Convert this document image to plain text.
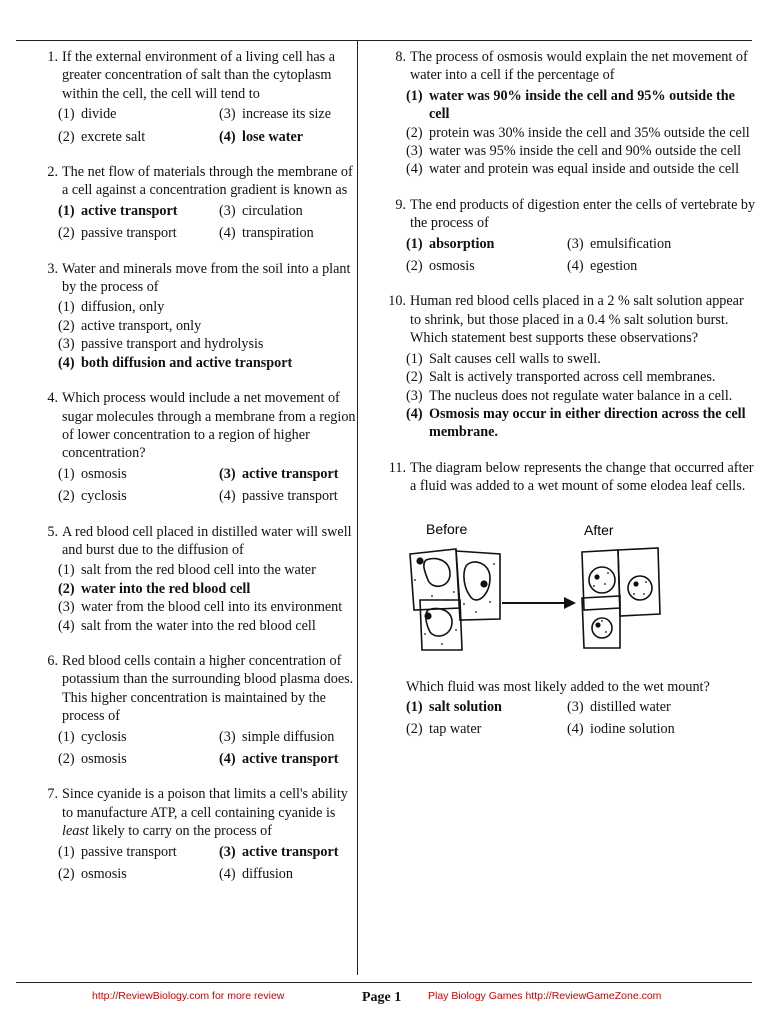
1. If the external environment of a living cell has a greater concentration of salt than the cytoplasm within the cell, the cell will tend to
(1) divide	(3) increase its size
(2) excrete salt	(4) lose water
2. The net flow of materials through the membrane of a cell against a concentration gradient is known as
(1) active transport	(3) circulation
(2) passive transport	(4) transpiration
3. Water and minerals move from the soil into a plant by the process of
(1) diffusion, only
(2) active transport, only
(3) passive transport and hydrolysis
(4) both diffusion and active transport
4. Which process would include a net movement of sugar molecules through a membrane from a region of lower concentration to a region of higher concentration?
(1) osmosis	(3) active transport
(2) cyclosis	(4) passive transport
5. A red blood cell placed in distilled water will swell and burst due to the diffusion of
(1) salt from the red blood cell into the water
(2) water into the red blood cell
(3) water from the blood cell into its environment
(4) salt from the water into the red blood cell
6. Red blood cells contain a higher concentration of potassium than the surrounding blood plasma does. This higher concentration is maintained by the process of
(1) cyclosis	(3) simple diffusion
(2) osmosis	(4) active transport
7. Since cyanide is a poison that limits a cell's ability to manufacture ATP, a cell containing cyanide is least likely to carry on the process of
(1) passive transport	(3) active transport
(2) osmosis	(4) diffusion
8. The process of osmosis would explain the net movement of water into a cell if the percentage of
(1) water was 90% inside the cell and 95% outside the cell
(2) protein was 30% inside the cell and 35% outside the cell
(3) water was 95% inside the cell and 90% outside the cell
(4) water and protein was equal inside and outside the cell
9. The end products of digestion enter the cells of vertebrate by the process of
(1) absorption	(3) emulsification
(2) osmosis	(4) egestion
10. Human red blood cells placed in a 2 % salt solution appear to shrink, but those placed in a 0.4 % salt solution burst. Which statement best supports these observations?
(1) Salt causes cell walls to swell.
(2) Salt is actively transported across cell membranes.
(3) The nucleus does not regulate water balance in a cell.
(4) Osmosis may occur in either direction across the cell membrane.
11. The diagram below represents the change that occurred after a fluid was added to a wet mount of some elodea leaf cells.
Before	After
Which fluid was most likely added to the wet mount?
(1) salt solution	(3) distilled water
(2) tap water	(4) iodine solution
http://ReviewBiology.com for more review	Page 1	Play Biology Games http://ReviewGameZone.com
